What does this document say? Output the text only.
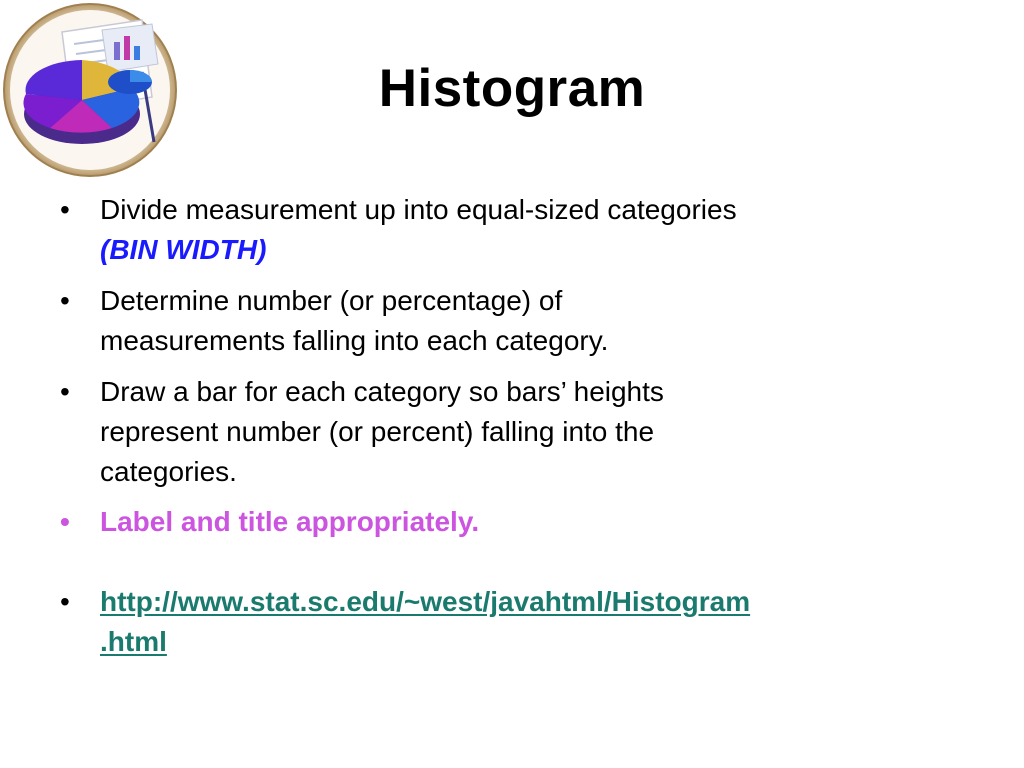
Histogram
• Divide measurement up into equal-sized categories
(BIN WIDTH)
• Determine number (or percentage) of
measurements falling into each category.
• Draw a bar for each category so bars’ heights
represent number (or percent) falling into the
categories.
• Label and title appropriately.
• http://www.stat.sc.edu/~west/javahtml/Histogram
.html
